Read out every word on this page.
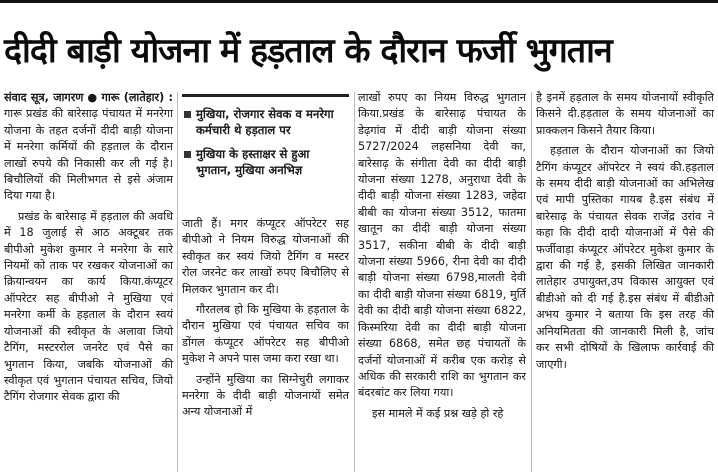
दीदी बाड़ी योजना में हड़ताल के दौरान फर्जी भुगतान

संवाद सूत्र, जागरण ● गारू (लातेहार) : गारू प्रखंड की बारेसाढ़ पंचायत में मनरेगा योजना के तहत दर्जनों दीदी बाड़ी योजना में मनरेगा कर्मियों की हड़ताल के दौरान लाखों रुपये की निकासी कर ली गई है। बिचौलियों की मिलीभगत से इसे अंजाम दिया गया है।

प्रखंड के बारेसाढ़ में हड़ताल की अवधि में 18 जुलाई से आठ अक्टूबर तक बीपीओ मुकेश कुमार ने मनरेगा के सारे नियमों को ताक पर रखकर योजनाओं का क्रियान्वयन का कार्य किया.कंप्यूटर ऑपरेटर सह बीपीओ ने मुखिया एवं मनरेगा कर्मी के हड़ताल के दौरान स्वयं योजनाओं की स्वीकृत के अलावा जियो टैगिंग, मस्टररोल जनरेट एवं पैसे का भुगतान किया, जबकि योजनाओं की स्वीकृत एवं भुगतान पंचायत सचिव, जियो टैगिंग रोजगार सेवक द्वारा की

मुखिया, रोजगार सेवक व मनरेगा कर्मचारी थे हड़ताल पर
मुखिया के हस्ताक्षर से हुआ भुगतान, मुखिया अनभिज्ञ

जाती हैं। मगर कंप्यूटर ऑपरेटर सह बीपीओ ने नियम विरुद्ध योजनाओं की स्वीकृत कर स्वयं जियो टैगिंग व मस्टर रोल जरनेट कर लाखों रुपए बिचौलिए से मिलकर भुगतान कर दी।

गौरतलब हो कि मुखिया के हड़ताल के दौरान मुखिया एवं पंचायत सचिव का डोंगल कंप्यूटर ऑपरेटर सह बीपीओ मुकेश ने अपने पास जमा करा रखा था।

उन्होंने मुखिया का सिग्नेचुरी लगाकर मनरेगा के दीदी बाड़ी योजनायों समेत अन्य योजनाओं में

लाखों रुपए का नियम विरुद्ध भुगतान किया.प्रखंड के बारेसाढ़ पंचायत के डेढ़गांव में दीदी बाड़ी योजना संख्या 5727/2024 लहसनिया देवी का, बारेसाढ़ के संगीता देवी का दीदी बाड़ी योजना संख्या 1278, अनुराधा देवी के दीदी बाड़ी योजना संख्या 1283, जहेदा बीबी का योजना संख्या 3512, फातमा खातून का दीदी बाड़ी योजना संख्या 3517, सकीना बीबी के दीदी बाड़ी योजना संख्या 5966, रीना देवी का दीदी बाड़ी योजना संख्या 6798,मालती देवी का दीदी बाड़ी योजना संख्या 6819, मुर्ति देवी का दीदी बाड़ी योजना संख्या 6822, किस्मरिया देवी का दीदी बाड़ी योजना संख्या 6868, समेत छह पंचायतों के दर्जनों योजनाओं में करीब एक करोड़ से अधिक की सरकारी राशि का भुगतान कर बंदरबांट कर लिया गया।

इस मामले में कई प्रश्न खड़े हो रहे

है इनमें हड़ताल के समय योजनायों स्वीकृति किसने दी.हड़ताल के समय योजनाओं का प्राक्कलन किसने तैयार किया।

हड़ताल के दौरान योजनाओं का जियो टैगिंग कंप्यूटर ऑपरेटर ने स्वयं की.हड़ताल के समय दीदी बाड़ी योजनाओं का अभिलेख एवं मापी पुस्तिका गायब है.इस संबंध में बारेसाढ़ के पंचायत सेवक राजेंद्र उरांव ने कहा कि दीदी दादी योजनाओं में पैसे की फर्जीवाड़ा कंप्यूटर ऑपरेटर मुकेश कुमार के द्वारा की गई है, इसकी लिखित जानकारी लातेहार उपायुक्त,उप विकास आयुक्त एवं बीडीओ को दी गई है.इस संबंध में बीडीओ अभय कुमार ने बताया कि इस तरह की अनियमितता की जानकारी मिली है, जांच कर सभी दोषियों के खिलाफ कार्रवाई की जाएगी।
